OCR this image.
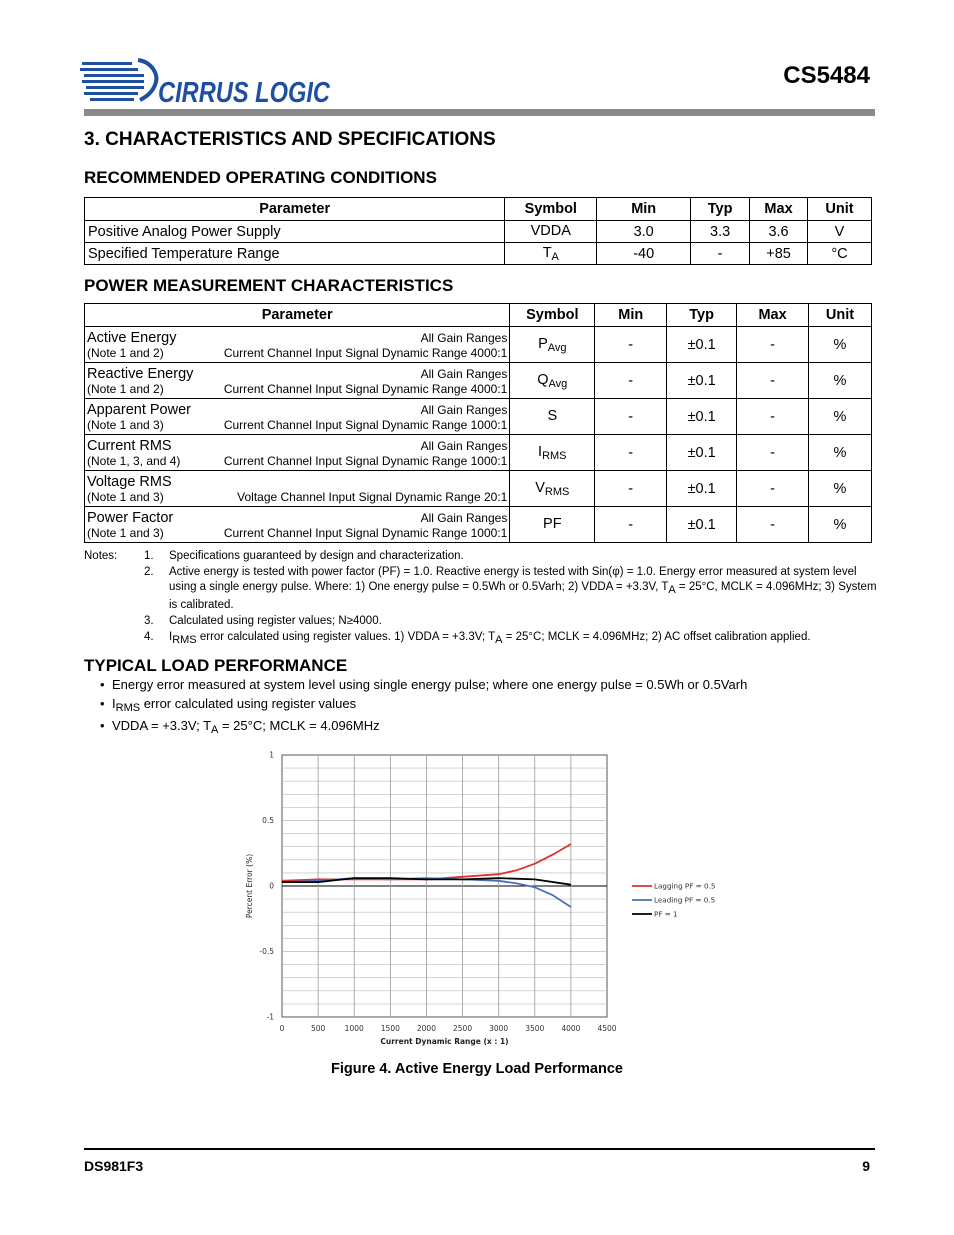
CIRRUS LOGIC
CS5484
3. CHARACTERISTICS AND SPECIFICATIONS
RECOMMENDED OPERATING CONDITIONS
Parameter	Symbol	Min	Typ	Max	Unit
Positive Analog Power Supply	VDDA	3.0	3.3	3.6	V
Specified Temperature Range	$T_A$	-40	-	+85	°C
POWER MEASUREMENT CHARACTERISTICS
Parameter	Symbol	Min	Typ	Max	Unit

Active Energy All Gain Ranges
(Note 1 and 2) Current Channel Input Signal Dynamic Range 4000:1	$P_{Avg}$	-	±0.1	-	%

Reactive Energy All Gain Ranges
(Note 1 and 2) Current Channel Input Signal Dynamic Range 4000:1	$Q_{Avg}$	-	±0.1	-	%

Apparent Power All Gain Ranges
(Note 1 and 3) Current Channel Input Signal Dynamic Range 1000:1	S	-	±0.1	-	%

Current RMS All Gain Ranges
(Note 1, 3, and 4) Current Channel Input Signal Dynamic Range 1000:1	$I_{RMS}$	-	±0.1	-	%

Voltage RMS
(Note 1 and 3) Voltage Channel Input Signal Dynamic Range 20:1	$V_{RMS}$	-	±0.1	-	%

Power Factor All Gain Ranges
(Note 1 and 3) Current Channel Input Signal Dynamic Range 1000:1	PF	-	±0.1	-	%
Notes: 1. Specifications guaranteed by design and characterization.
2. Active energy is tested with power factor (PF) = 1.0. Reactive energy is tested with Sin(φ) = 1.0. Energy error measured at system level using a single energy pulse. Where: 1) One energy pulse = 0.5Wh or 0.5Varh; 2) VDDA = +3.3V, $T_A = 25^\circ C$, MCLK = 4.096MHz; 3) System is calibrated.
3. Calculated using register values; N≥4000.
4. $I_{RMS}$ error calculated using register values. 1) VDDA = +3.3V; $T_A = 25^\circ C$; MCLK = 4.096MHz; 2) AC offset calibration applied.
TYPICAL LOAD PERFORMANCE
• Energy error measured at system level using single energy pulse; where one energy pulse = 0.5Wh or 0.5Varh
• $I_{RMS}$ error calculated using register values
• VDDA = +3.3V; $T_A = 25^\circ C$; MCLK = 4.096MHz
0	500	1000 1500 2000 2500 3000 3500 4000 4500
1
0.5
0
-0.5
-1
Current Dynamic Range (x : 1)
Percent Error (%)	Lagging PF = 0.5
Leading PF = 0.5
PF = 1
Figure 4. Active Energy Load Performance
DS981F3	9
